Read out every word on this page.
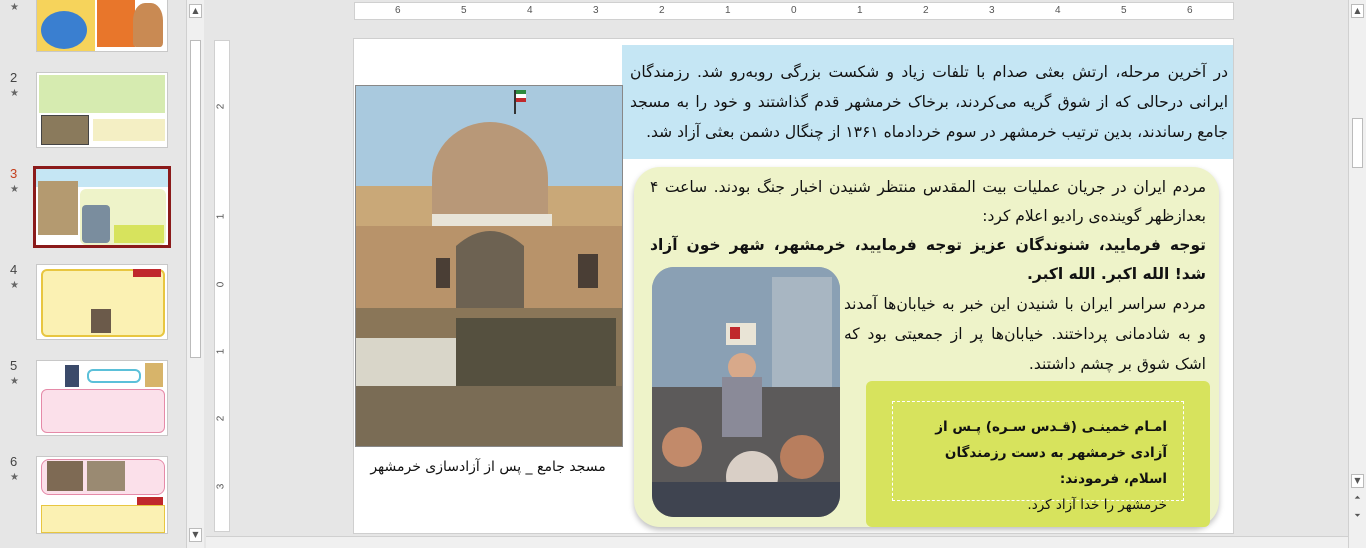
★
2
★
3
★
4
★
5
★
6
★
▲
▼
2
1
0
1
2
3
6	5	4	3	2	1	0	1	2	3	4	5	6

در آخرین مرحله، ارتش بعثی صدام با تلفات زیاد و شکست بزرگی روبه‌رو شد. رزمندگان ایرانی درحالی که از شوق گریه می‌کردند، برخاک خرمشهر قدم گذاشتند و خود را به مسجد جامع رساندند، بدین ترتیب خرمشهر در سوم خردادماه ۱۳۶۱ از چنگال دشمن بعثی آزاد شد.

مسجد جامع _ پس از آزادسازی خرمشهر

مردم ایران در جریان عملیات بیت المقدس منتظر شنیدن اخبار جنگ بودند. ساعت ۴ بعدازظهر گوینده‌ی رادیو اعلام کرد:
توجه فرمایید، شنوندگان عزیز توجه فرمایید، خرمشهر، شهر خون آزاد شد! الله اکبر. الله اکبر.

مردم سراسر ایران با شنیدن این خبر به خیابان‌ها آمدند و به شادمانی پرداختند. خیابان‌ها پر از جمعیتی بود که اشک شوق بر چشم داشتند.

امـام خمینـی (قـدس سـره) پـس از آزادی خرمشهر به دست رزمندگان اسلام، فرمودند:
خرمشهر را خدا آزاد کرد.
▲
▼
⏶
⏷
